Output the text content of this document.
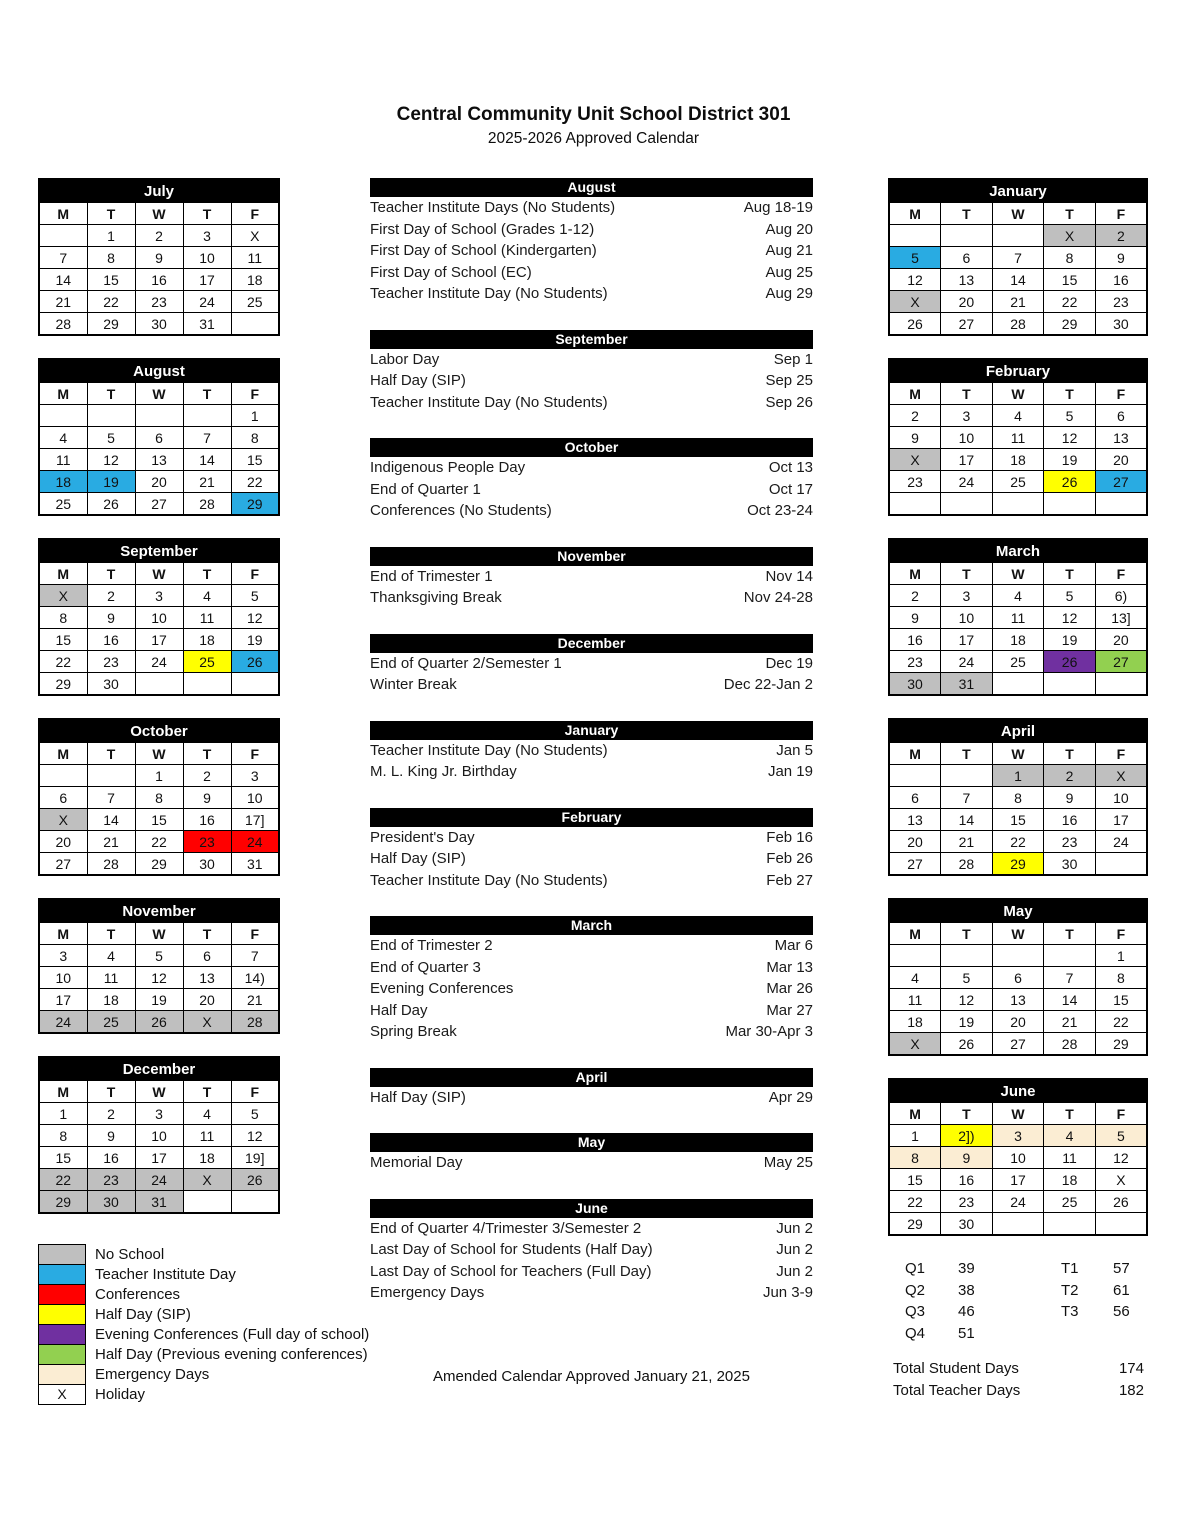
Central Community Unit School District 301
2025-2026 Approved Calendar
July				
M	T	W	T	F
	1	2	3	X
7	8	9	10	11
14	15	16	17	18
21	22	23	24	25
28	29	30	31	
August				
M	T	W	T	F
				1
4	5	6	7	8
11	12	13	14	15
18	19	20	21	22
25	26	27	28	29
September				
M	T	W	T	F
X	2	3	4	5
8	9	10	11	12
15	16	17	18	19
22	23	24	25	26
29	30			
October				
M	T	W	T	F
		1	2	3
6	7	8	9	10
X	14	15	16	17]
20	21	22	23	24
27	28	29	30	31
November				
M	T	W	T	F
3	4	5	6	7
10	11	12	13	14)
17	18	19	20	21
24	25	26	X	28
December				
M	T	W	T	F
1	2	3	4	5
8	9	10	11	12
15	16	17	18	19]
22	23	24	X	26
29	30	31		
No School
Teacher Institute Day
Conferences
Half Day (SIP)
Evening Conferences (Full day of school)
Half Day (Previous evening conferences)
Emergency Days
X	Holiday
August
Teacher Institute Days (No Students)	Aug 18-19
First Day of School (Grades 1-12)	Aug 20
First Day of School (Kindergarten)	Aug 21
First Day of School (EC)	Aug 25
Teacher Institute Day (No Students)	Aug 29
September
Labor Day	Sep 1
Half Day (SIP)	Sep 25
Teacher Institute Day (No Students)	Sep 26
October
Indigenous People Day	Oct 13
End of Quarter 1	Oct 17
Conferences (No Students)	Oct 23-24
November
End of Trimester 1	Nov 14
Thanksgiving Break	Nov 24-28
December
End of Quarter 2/Semester 1	Dec 19
Winter Break	Dec 22-Jan 2
January
Teacher Institute Day (No Students)	Jan 5
M. L. King Jr. Birthday	Jan 19
February
President's Day	Feb 16
Half Day (SIP)	Feb 26
Teacher Institute Day (No Students)	Feb 27
March
End of Trimester 2	Mar 6
End of Quarter 3	Mar 13
Evening Conferences	Mar 26
Half Day	Mar 27
Spring Break	Mar 30-Apr 3
April
Half Day (SIP)	Apr 29
May
Memorial Day	May 25
June
End of Quarter 4/Trimester 3/Semester 2	Jun 2
Last Day of School for Students (Half Day)	Jun 2
Last Day of School for Teachers (Full Day)	Jun 2
Emergency Days	Jun 3-9
Amended Calendar Approved January 21, 2025
January				
M	T	W	T	F
			X	2
5	6	7	8	9
12	13	14	15	16
X	20	21	22	23
26	27	28	29	30
February				
M	T	W	T	F
2	3	4	5	6
9	10	11	12	13
X	17	18	19	20
23	24	25	26	27

March				
M	T	W	T	F
2	3	4	5	6)
9	10	11	12	13]
16	17	18	19	20
23	24	25	26	27
30	31			
April				
M	T	W	T	F
		1	2	X
6	7	8	9	10
13	14	15	16	17
20	21	22	23	24
27	28	29	30	
May				
M	T	W	T	F
				1
4	5	6	7	8
11	12	13	14	15
18	19	20	21	22
X	26	27	28	29
June				
M	T	W	T	F
1	2])	3	4	5
8	9	10	11	12
15	16	17	18	X
22	23	24	25	26
29	30			
Q1	39	T1	57
Q2	38	T2	61
Q3	46	T3	56
Q4	51
Total Student Days	174
Total Teacher Days	182
